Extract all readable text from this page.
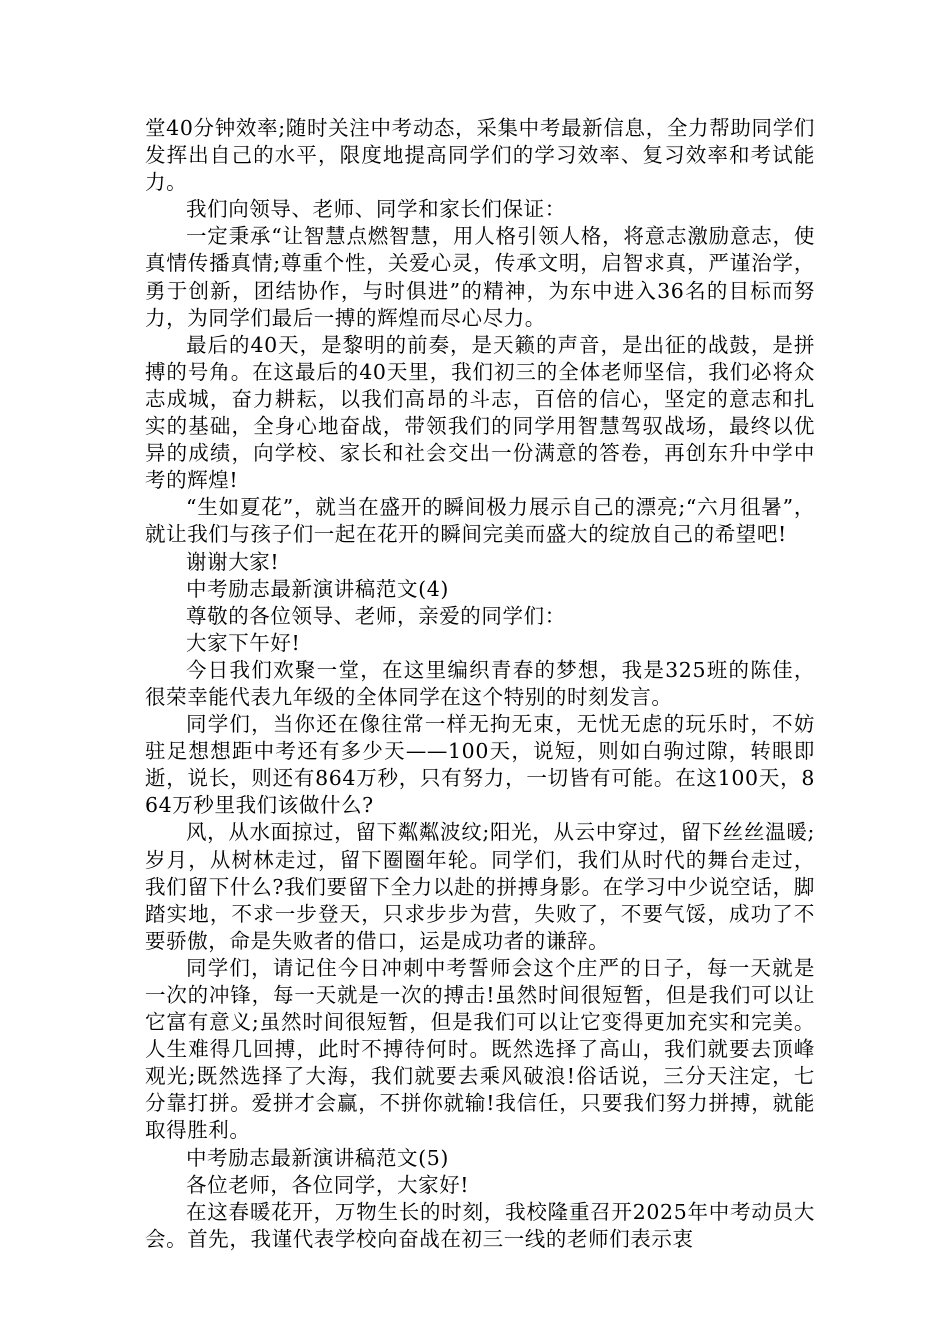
堂40分钟效率;随时关注中考动态，采集中考最新信息，全力帮助同学们发挥出自己的水平，限度地提高同学们的学习效率、复习效率和考试能力。

我们向领导、老师、同学和家长们保证：

一定秉承“让智慧点燃智慧，用人格引领人格，将意志激励意志，使真情传播真情;尊重个性，关爱心灵，传承文明，启智求真，严谨治学，勇于创新，团结协作，与时俱进”的精神，为东中进入36名的目标而努力，为同学们最后一搏的辉煌而尽心尽力。

最后的40天，是黎明的前奏，是天籁的声音，是出征的战鼓，是拼搏的号角。在这最后的40天里，我们初三的全体老师坚信，我们必将众志成城，奋力耕耘，以我们高昂的斗志，百倍的信心，坚定的意志和扎实的基础，全身心地奋战，带领我们的同学用智慧驾驭战场，最终以优异的成绩，向学校、家长和社会交出一份满意的答卷，再创东升中学中考的辉煌!

“生如夏花”，就当在盛开的瞬间极力展示自己的漂亮;“六月徂暑”，就让我们与孩子们一起在花开的瞬间完美而盛大的绽放自己的希望吧!

谢谢大家!

中考励志最新演讲稿范文(4)

尊敬的各位领导、老师，亲爱的同学们：

大家下午好!

今日我们欢聚一堂，在这里编织青春的梦想，我是325班的陈佳，很荣幸能代表九年级的全体同学在这个特别的时刻发言。

同学们，当你还在像往常一样无拘无束，无忧无虑的玩乐时，不妨驻足想想距中考还有多少天——100天，说短，则如白驹过隙，转眼即逝，说长，则还有864万秒，只有努力，一切皆有可能。在这100天，864万秒里我们该做什么?

风，从水面掠过，留下粼粼波纹;阳光，从云中穿过，留下丝丝温暖;岁月，从树林走过，留下圈圈年轮。同学们，我们从时代的舞台走过，我们留下什么?我们要留下全力以赴的拼搏身影。在学习中少说空话，脚踏实地，不求一步登天，只求步步为营，失败了，不要气馁，成功了不要骄傲，命是失败者的借口，运是成功者的谦辞。

同学们，请记住今日冲刺中考誓师会这个庄严的日子，每一天就是一次的冲锋，每一天就是一次的搏击!虽然时间很短暂，但是我们可以让它富有意义;虽然时间很短暂，但是我们可以让它变得更加充实和完美。人生难得几回搏，此时不搏待何时。既然选择了高山，我们就要去顶峰观光;既然选择了大海，我们就要去乘风破浪!俗话说，三分天注定，七分靠打拼。爱拼才会赢，不拼你就输!我信任，只要我们努力拼搏，就能取得胜利。

中考励志最新演讲稿范文(5)

各位老师，各位同学，大家好!

在这春暖花开，万物生长的时刻，我校隆重召开2025年中考动员大会。首先，我谨代表学校向奋战在初三一线的老师们表示衷
